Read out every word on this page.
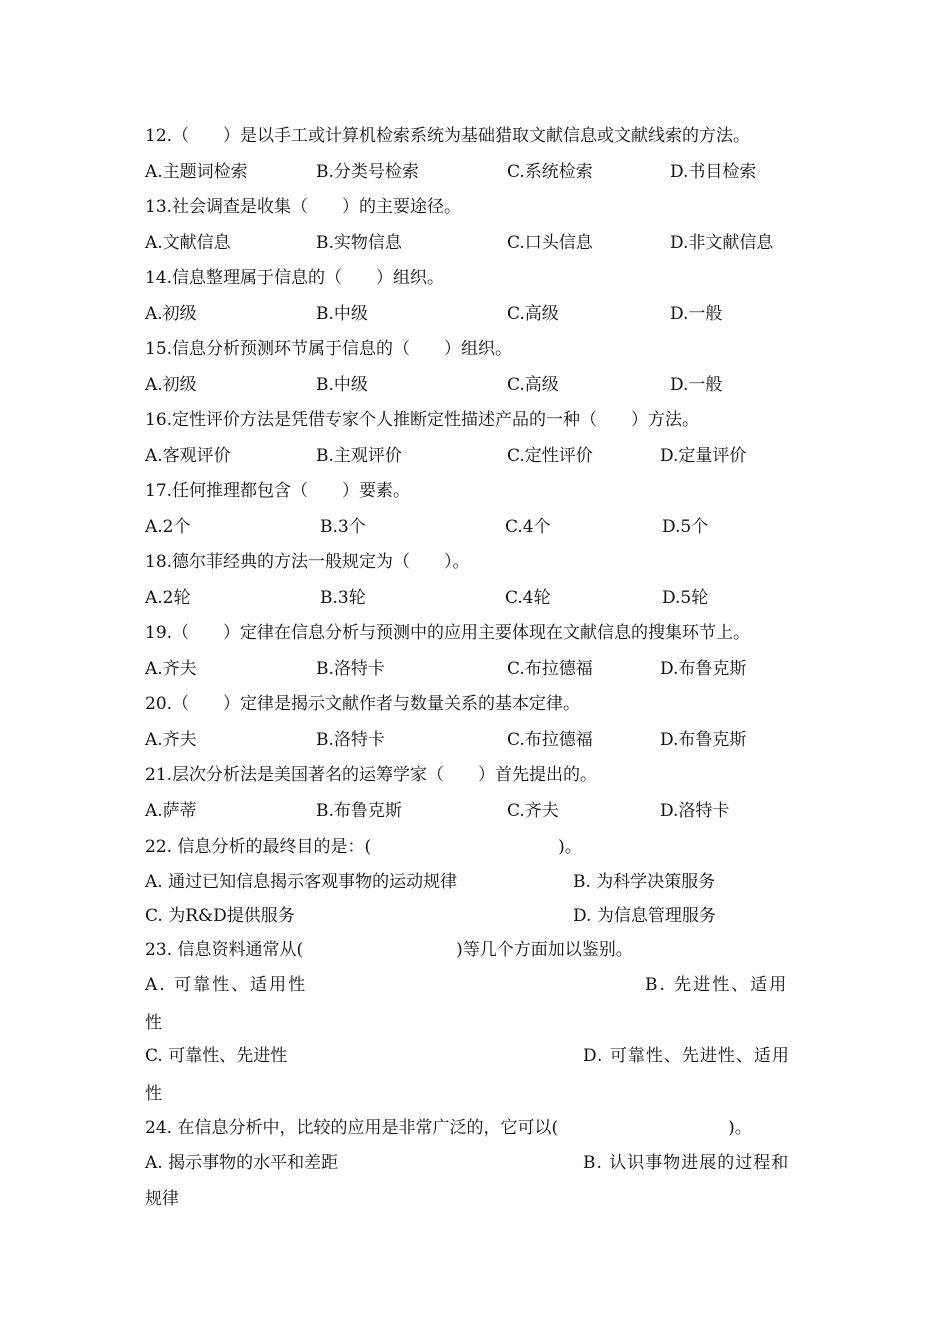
12.（　　）是以手工或计算机检索系统为基础猎取文献信息或文献线索的方法。
A.主题词检索	B.分类号检索	C.系统检索	D.书目检索
13.社会调查是收集（　　）的主要途径。
A.文献信息	B.实物信息	C.口头信息	D.非文献信息
14.信息整理属于信息的（　　）组织。
A.初级	B.中级	C.高级	D.一般
15.信息分析预测环节属于信息的（　　）组织。
A.初级	B.中级	C.高级	D.一般
16.定性评价方法是凭借专家个人推断定性描述产品的一种（　　）方法。
A.客观评价	B.主观评价	C.定性评价	D.定量评价
17.任何推理都包含（　　）要素。
A.2个	B.3个	C.4个	D.5个
18.德尔菲经典的方法一般规定为（　　）。
A.2轮	B.3轮	C.4轮	D.5轮
19.（　　）定律在信息分析与预测中的应用主要体现在文献信息的搜集环节上。
A.齐夫	B.洛特卡	C.布拉德福	D.布鲁克斯
20.（　　）定律是揭示文献作者与数量关系的基本定律。
A.齐夫	B.洛特卡	C.布拉德福	D.布鲁克斯
21.层次分析法是美国著名的运筹学家（　　）首先提出的。
A.萨蒂	B.布鲁克斯	C.齐夫	D.洛特卡
22. 信息分析的最终目的是：(　　　　　　　　　　　)。
A. 通过已知信息揭示客观事物的运动规律	B. 为科学决策服务
C. 为R&D提供服务	D. 为信息管理服务
23. 信息资料通常从(　　　　　　　　　)等几个方面加以鉴别。
A. 可靠性、适用性	B. 先进性、适用
性
C. 可靠性、先进性	D. 可靠性、先进性、适用
性
24. 在信息分析中，比较的应用是非常广泛的，它可以(　　　　　　　　　　)。
A. 揭示事物的水平和差距	B. 认识事物进展的过程和
规律
